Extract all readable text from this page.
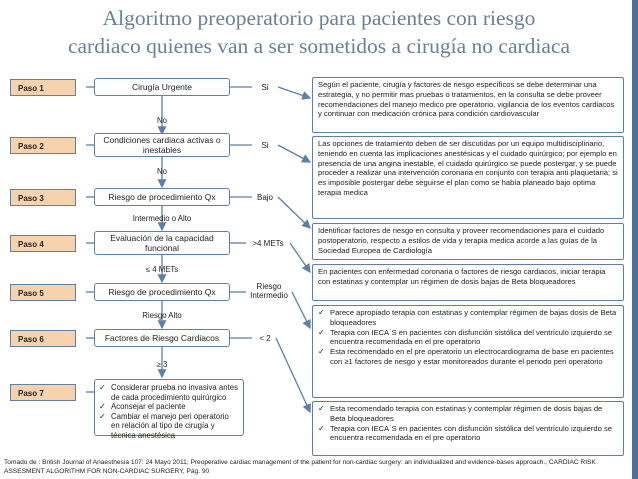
Algoritmo preoperatorio para pacientes con riesgo
cardiaco quienes van a ser sometidos a cirugía no cardiaca
Paso 1
Paso 2
Paso 3
Paso 4
Paso 5
Paso 6
Paso 7
Cirugía Urgente
Condiciones cardiaca activas o inestables
Riesgo de procedimiento Qx
Evaluación de la capacidad funcional
Riesgo de procedimiento Qx
Factores de Riesgo Cardiacos
No
No
Intermedio o Alto
≤ 4 METs
Riesgo Alto
≥ 3
Si
Si
Bajo
>4 METs
Riesgo Intermedio
< 2
✓ Considerar prueba no invasiva antes de cada procedimiento quirúrgico
✓ Aconsejar el paciente
✓ Cambiar el manejo peri operatorio en relación al tipo de cirugía y técnica anestésica
Según el paciente, cirugía y factores de riesgo específicos se debe determinar una estrategia, y no permitir mas pruebas o tratamientos, en la consulta se debe proveer recomendaciones del manejo medico pre operatorio, vigilancia de los eventos cardiacos y continuar con medicación crónica para condición cardiovascular
Las opciones de tratamiento deben de ser discutidas por un equipo multidisciplinario, teniendo en cuenta las implicaciones anestésicas y el cuidado quirúrgico; por ejemplo en presencia de una angina inestable, el cuidado quirúrgico se puede postergar, y se puede proceder a realizar una intervención coronaria en conjunto con terapia anti plaquetaria; si es imposible postergar debe seguirse el plan como se había planeado bajo optima terapia medica
Identificar factores de riesgo en consulta y proveer recomendaciones para el cuidado postoperatorio, respecto a estilos de vida y terapia medica acorde a las guías de la Sociedad Europea de Cardiología
En pacientes con enfermedad coronaria o factores de riesgo cardiacos, iniciar terapia con estatinas y contemplar un régimen de dosis bajas de Beta bloqueadores
✓ Parece apropiado terapia con estatinas y contemplar régimen de bajas dosis de Beta bloqueadores
✓ Terapia con IECA´S en pacientes con disfunción sistólica del ventrículo izquierdo se encuentra recomendada en el pre operatorio
✓ Esta recomendado en el pre operatorio un electrocardiograma de base en pacientes con ≥1 factores de riesgo y estar monitoreados durante el periodo peri operatorio
✓ Esta recomendado terapia con estatinas y contemplar régimen de dosis bajas de Beta bloqueadores
✓ Terapia con IECA´S en pacientes con disfunción sistólica del ventrículo izquierdo se encuentra recomendada en el pre operatorio
Tomado de : British Journal of Anaesthesia 107: 24 Mayo 2011; Preoperative cardiac management of the patient for non-cardiac surgery: an individualized and evidence-bases approach., CARDIAC RISK ASSESMENT ALGORITHM FOR NON-CARDIAC SURGERY, Pág. 90
